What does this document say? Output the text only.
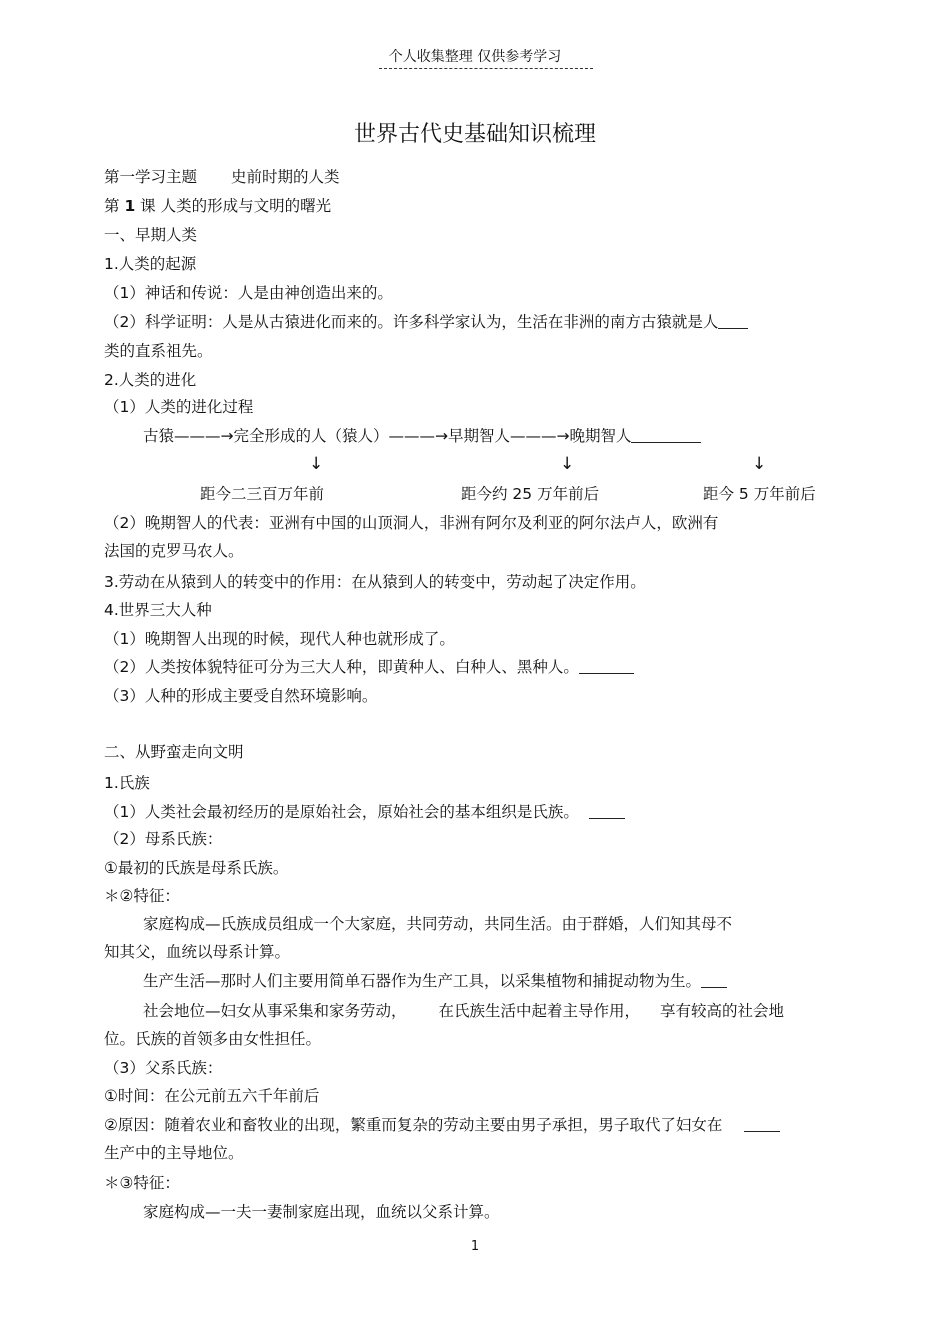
个人收集整理 仅供参考学习
世界古代史基础知识梳理
第一学习主题 史前时期的人类
第 1 课 人类的形成与文明的曙光
一、早期人类
1.人类的起源
（1）神话和传说：人是由神创造出来的。
（2）科学证明：人是从古猿进化而来的。许多科学家认为，生活在非洲的南方古猿就是人
类的直系祖先。
2.人类的进化
（1）人类的进化过程
古猿———→完全形成的人（猿人）———→早期智人———→晚期智人
↓	↓	↓
距今二三百万年前	距今约 25 万年前后	距今 5 万年前后
（2）晚期智人的代表：亚洲有中国的山顶洞人，非洲有阿尔及利亚的阿尔法卢人，欧洲有
法国的克罗马农人。
3.劳动在从猿到人的转变中的作用：在从猿到人的转变中，劳动起了决定作用。
4.世界三大人种
（1）晚期智人出现的时候，现代人种也就形成了。
（2）人类按体貌特征可分为三大人种，即黄种人、白种人、黑种人。
（3）人种的形成主要受自然环境影响。
二、从野蛮走向文明
1.氏族
（1）人类社会最初经历的是原始社会，原始社会的基本组织是氏族。
（2）母系氏族：
①最初的氏族是母系氏族。
＊②特征：
家庭构成—氏族成员组成一个大家庭，共同劳动，共同生活。由于群婚，人们知其母不
知其父，血统以母系计算。
生产生活—那时人们主要用简单石器作为生产工具，以采集植物和捕捉动物为生。
社会地位—妇女从事采集和家务劳动， 在氏族生活中起着主导作用， 享有较高的社会地
位。氏族的首领多由女性担任。
（3）父系氏族：
①时间：在公元前五六千年前后
②原因：随着农业和畜牧业的出现，繁重而复杂的劳动主要由男子承担，男子取代了妇女在
生产中的主导地位。
＊③特征：
家庭构成—一夫一妻制家庭出现，血统以父系计算。
1
